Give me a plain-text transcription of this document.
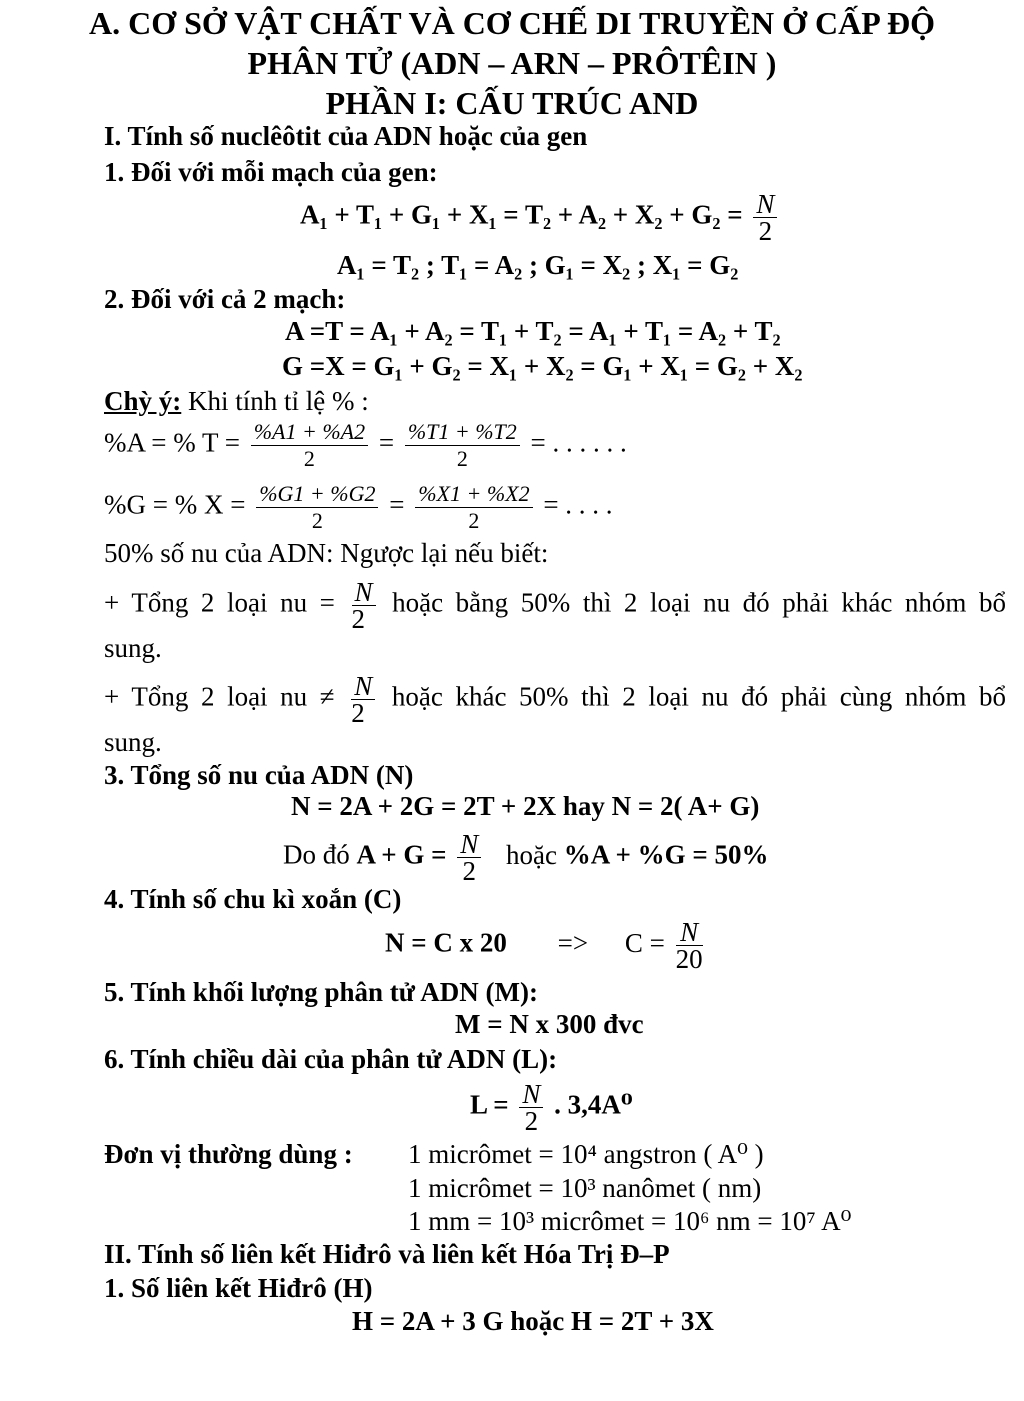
A. CƠ SỞ VẬT CHẤT VÀ CƠ CHẾ DI TRUYỀN Ở CẤP ĐỘ
PHÂN TỬ (ADN – ARN – PRÔTÊIN )
PHẦN I: CẤU TRÚC AND
I. Tính số nuclêôtit của ADN hoặc của gen
1. Đối với mỗi mạch của gen:
$A_1 + T_1 + G_1 + X_1 = T_2 + A_2 + X_2 + G_2 = \frac{N}{2}$
A₁ = T₂ ; T₁ = A₂ ; G₁ = X₂ ; X₁ = G₂
2. Đối với cả 2 mạch:
A =T = A₁ + A₂ = T₁ + T₂ = A₁ + T₁ = A₂ + T₂
G =X = G₁ + G₂ = X₁ + X₂ = G₁ + X₁ = G₂ + X₂
Chỳ ý: Khi tính tỉ lệ % :
%A = % $T = \frac{\%A1 + \%A2}{2} = \frac{\%T1 + \%T2}{2}$ = . . . . . .
%G = % $X = \frac{\%G1 + \%G2}{2} = \frac{\%X1 + \%X2}{2}$ = . . . .
50% số nu của ADN: Ngược lại nếu biết:
+ Tổng 2 loại nu = $\frac{N}{2}$ hoặc bằng 50% thì 2 loại nu đó phải khác nhóm bổ
sung.
+ Tổng 2 loại nu ≠ $\frac{N}{2}$ hoặc khác 50% thì 2 loại nu đó phải cùng nhóm bổ
sung.
3. Tổng số nu của ADN (N)
N = 2A + 2G = 2T + 2X hay N = 2( A+ G)
Do đó $A + G = \frac{N}{2}$ hoặc %A + %G = 50%
4. Tính số chu kì xoắn (C)
N = C x $20 => C = \frac{N}{20}$
5. Tính khối lượng phân tử ADN (M):
M = N x 300 đvc
6. Tính chiều dài của phân tử ADN (L):
$L = \frac{N}{2}$ . 3,4A⁰
Đơn vị thường dùng : 1 micrômet = 10⁴ angstron ( A⁰ )
1 micrômet = 10³ nanômet ( nm)
1 mm = 10³ micrômet = 10⁶ nm = 10⁷ A⁰
II. Tính số liên kết Hiđrô và liên kết Hóa Trị Đ–P
1. Số liên kết Hiđrô (H)
H = 2A + 3 G hoặc H = 2T + 3X
